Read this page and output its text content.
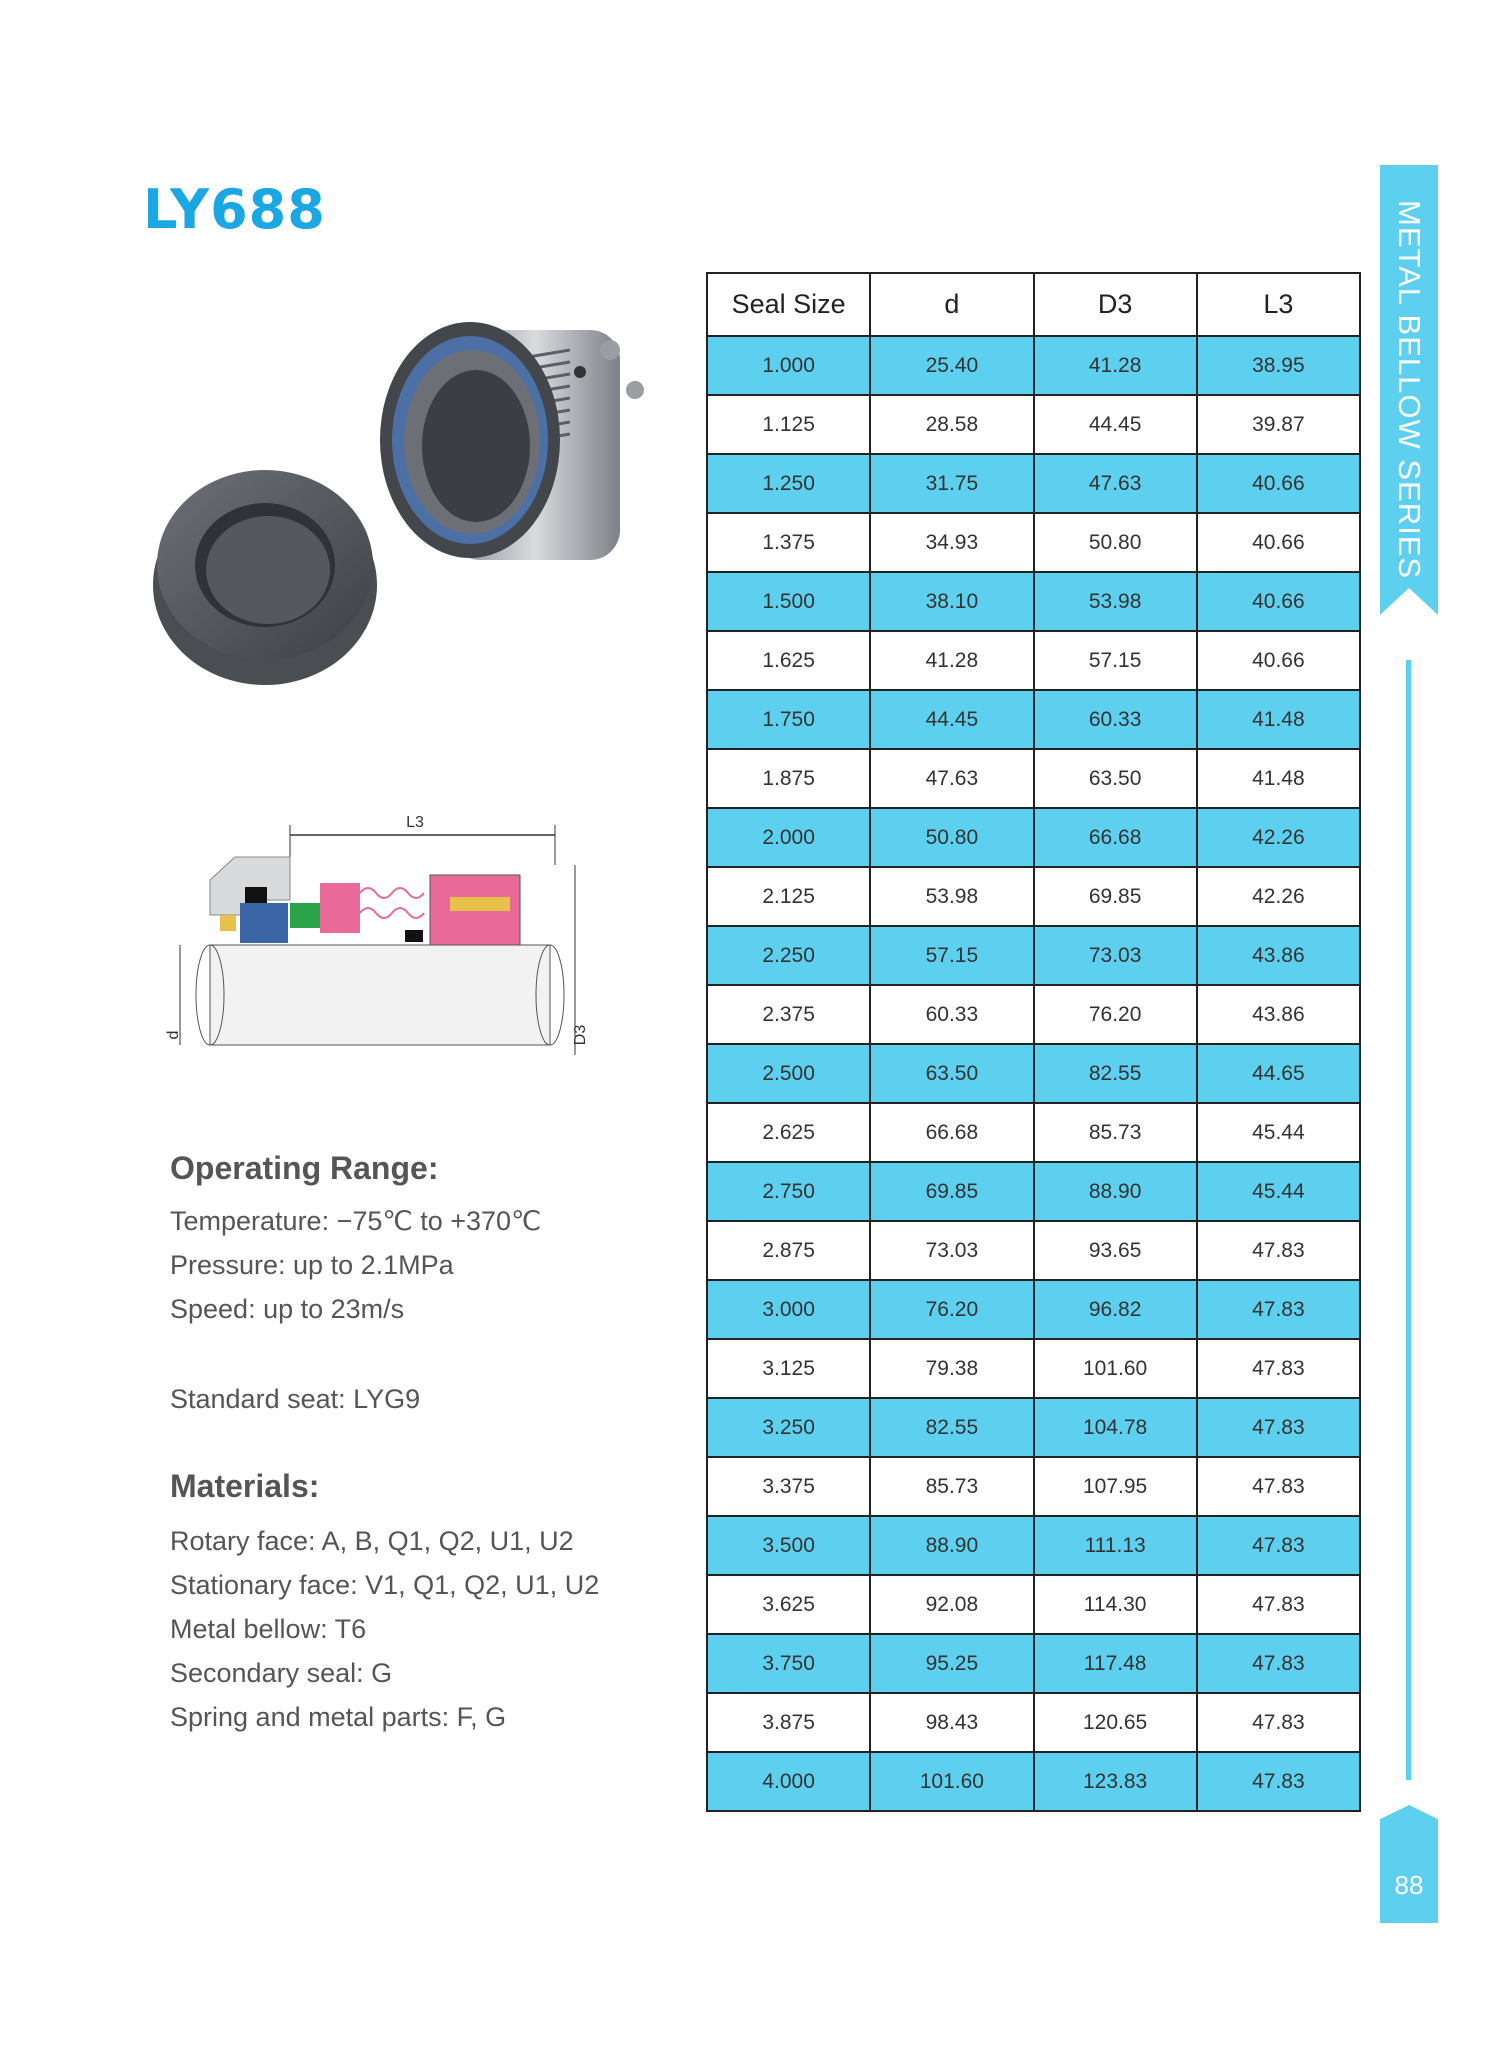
LY688
L3
d	D3
Operating Range:

Temperature: −75℃ to +370℃

Pressure: up to 2.1MPa

Speed: up to 23m/s

Standard seat: LYG9

Materials:

Rotary face: A, B, Q1, Q2, U1, U2

Stationary face: V1, Q1, Q2, U1, U2

Metal bellow: T6

Secondary seal: G

Spring and metal parts: F, G

Seal Size	d	D3	L3
1.000	25.40	41.28	38.95
1.125	28.58	44.45	39.87
1.250	31.75	47.63	40.66
1.375	34.93	50.80	40.66
1.500	38.10	53.98	40.66
1.625	41.28	57.15	40.66
1.750	44.45	60.33	41.48
1.875	47.63	63.50	41.48
2.000	50.80	66.68	42.26
2.125	53.98	69.85	42.26
2.250	57.15	73.03	43.86
2.375	60.33	76.20	43.86
2.500	63.50	82.55	44.65
2.625	66.68	85.73	45.44
2.750	69.85	88.90	45.44
2.875	73.03	93.65	47.83
3.000	76.20	96.82	47.83
3.125	79.38	101.60	47.83
3.250	82.55	104.78	47.83
3.375	85.73	107.95	47.83
3.500	88.90	111.13	47.83
3.625	92.08	114.30	47.83
3.750	95.25	117.48	47.83
3.875	98.43	120.65	47.83
4.000	101.60	123.83	47.83
METAL BELLOW SERIES
88
